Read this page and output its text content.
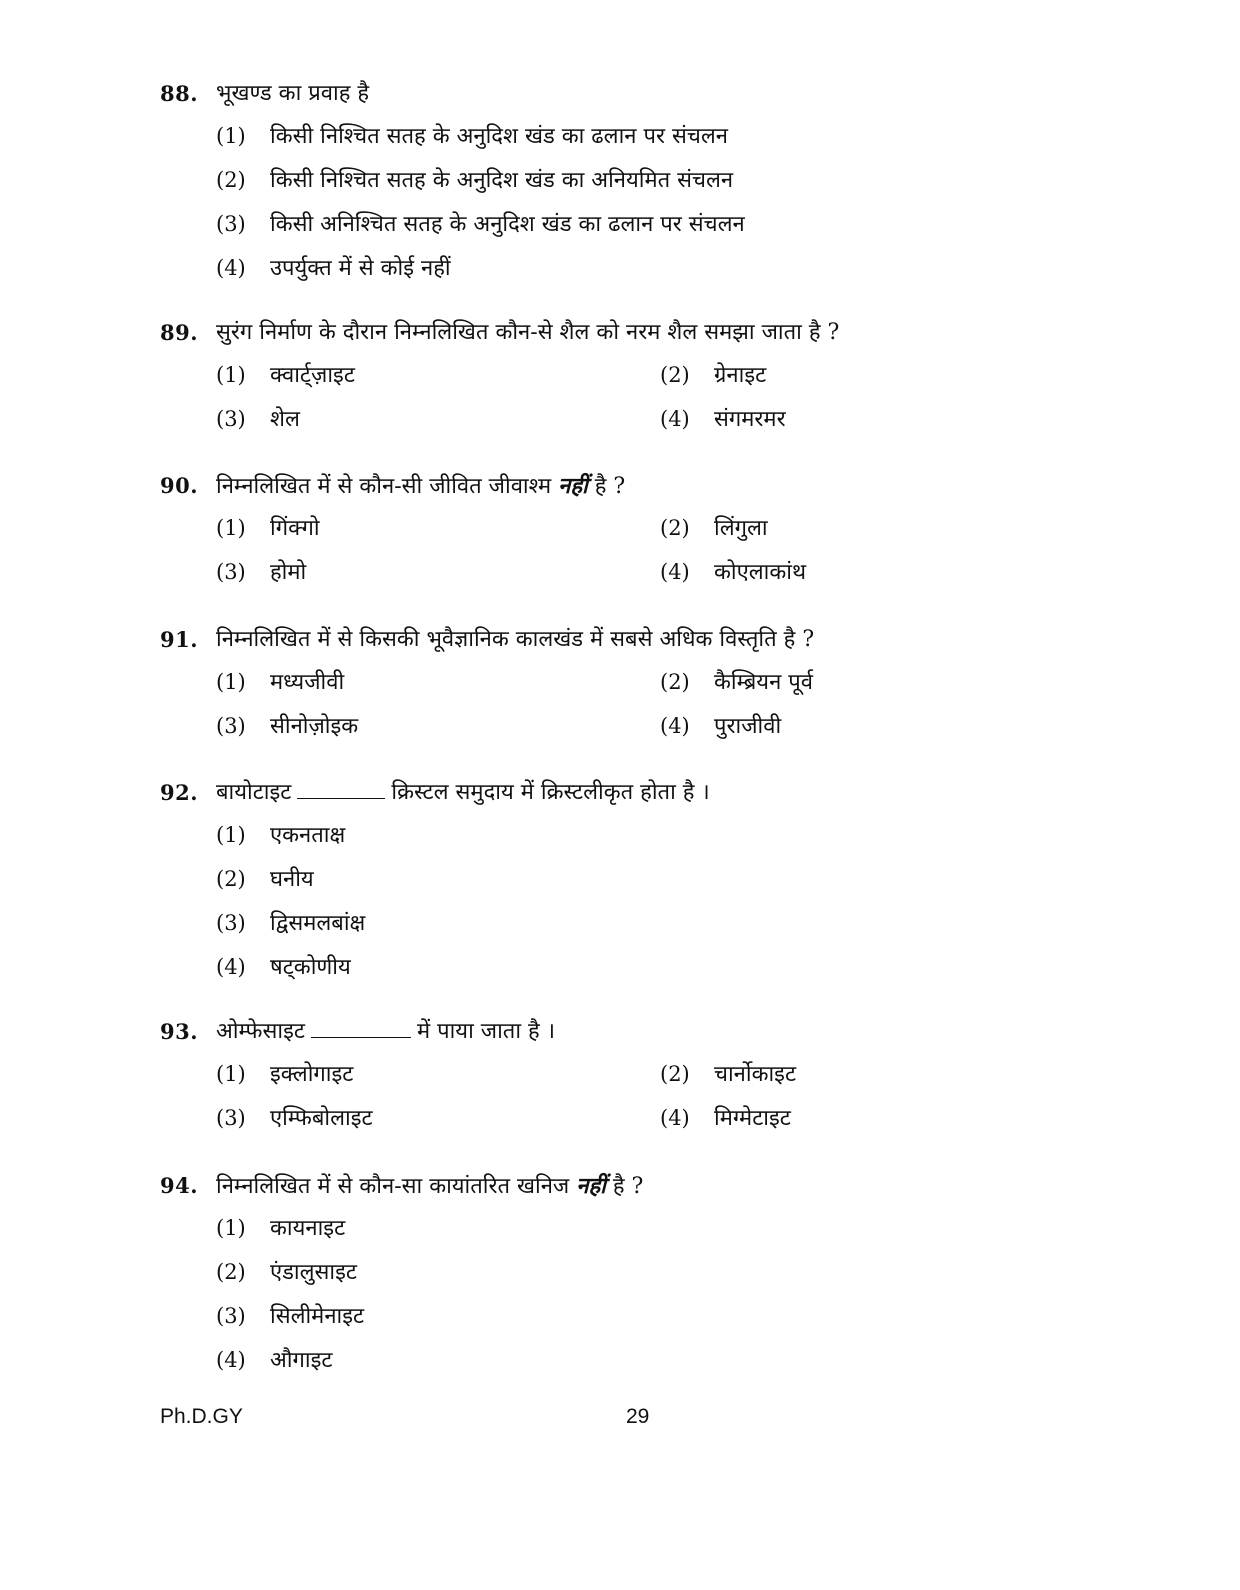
88. भूखण्ड का प्रवाह है
(1) किसी निश्चित सतह के अनुदिश खंड का ढलान पर संचलन
(2) किसी निश्चित सतह के अनुदिश खंड का अनियमित संचलन
(3) किसी अनिश्चित सतह के अनुदिश खंड का ढलान पर संचलन
(4) उपर्युक्त में से कोई नहीं
89. सुरंग निर्माण के दौरान निम्नलिखित कौन-से शैल को नरम शैल समझा जाता है ?
(1) क्वार्ट्ज़ाइट	(2) ग्रेनाइट
(3) शेल	(4) संगमरमर
90. निम्नलिखित में से कौन-सी जीवित जीवाश्म नहीं है ?
(1) गिंक्गो	(2) लिंगुला
(3) होमो	(4) कोएलाकांथ
91. निम्नलिखित में से किसकी भूवैज्ञानिक कालखंड में सबसे अधिक विस्तृति है ?
(1) मध्यजीवी	(2) कैम्ब्रियन पूर्व
(3) सीनोज़ोइक	(4) पुराजीवी
92. बायोटाइट	क्रिस्टल समुदाय में क्रिस्टलीकृत होता है ।
(1) एकनताक्ष
(2) घनीय
(3) द्विसमलबांक्ष
(4) षट्कोणीय
93. ओम्फेसाइट	में पाया जाता है ।
(1) इक्लोगाइट	(2) चार्नोकाइट
(3) एम्फिबोलाइट	(4) मिग्मेटाइट
94. निम्नलिखित में से कौन-सा कायांतरित खनिज नहीं है ?
(1) कायनाइट
(2) एंडालुसाइट
(3) सिलीमेनाइट
(4) औगाइट
Ph.D.GY	29
